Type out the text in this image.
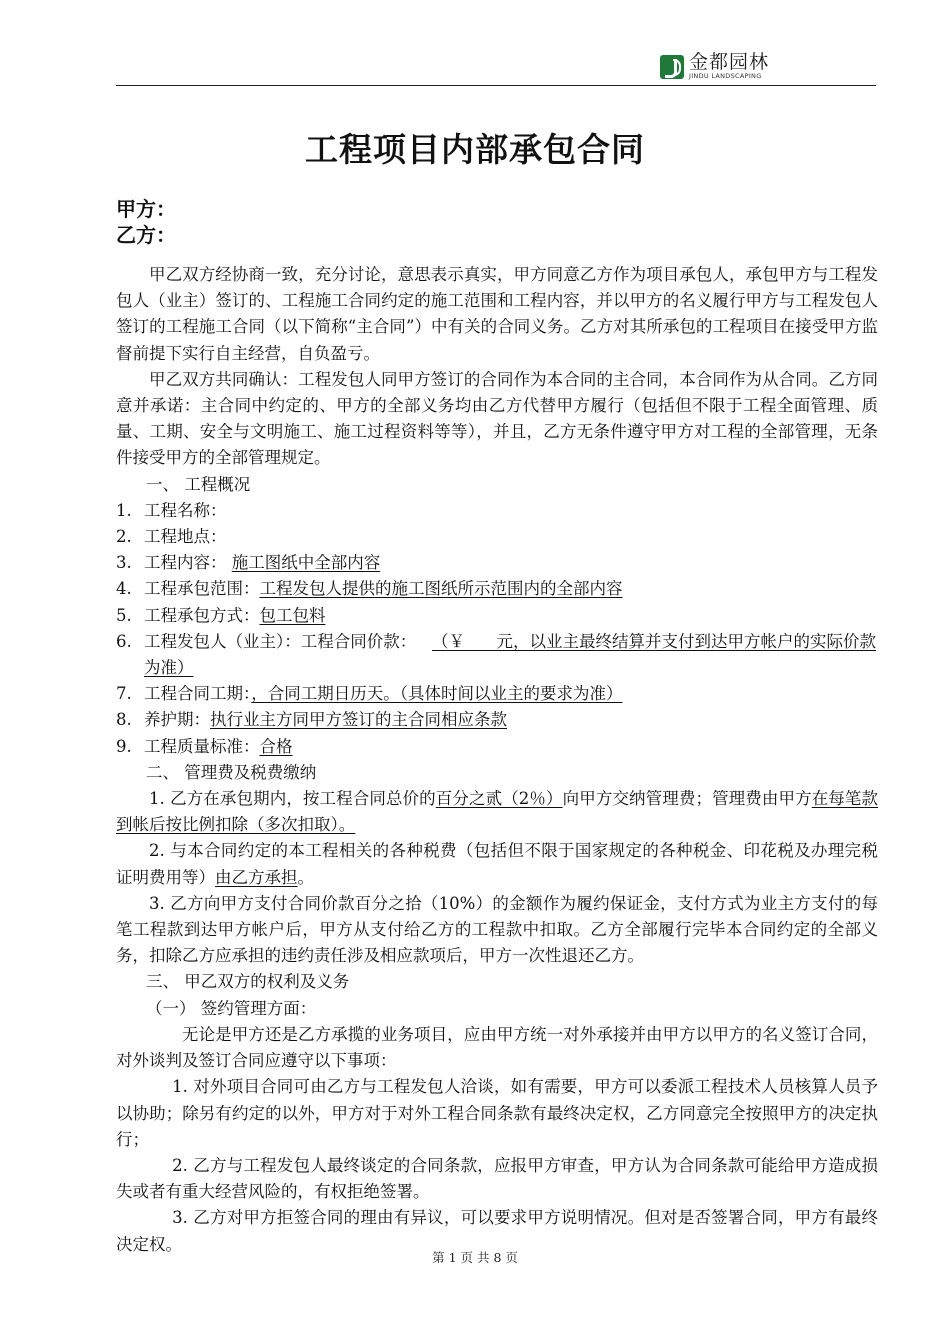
金都园林
JINDU LANDSCAPING
工程项目内部承包合同
甲方：
乙方：

甲乙双方经协商一致，充分讨论，意思表示真实，甲方同意乙方作为项目承包人，承包甲方与工程发包人（业主）签订的、工程施工合同约定的施工范围和工程内容，并以甲方的名义履行甲方与工程发包人签订的工程施工合同（以下简称“主合同”）中有关的合同义务。乙方对其所承包的工程项目在接受甲方监督前提下实行自主经营，自负盈亏。

甲乙双方共同确认：工程发包人同甲方签订的合同作为本合同的主合同，本合同作为从合同。乙方同意并承诺：主合同中约定的、甲方的全部义务均由乙方代替甲方履行（包括但不限于工程全面管理、质量、工期、安全与文明施工、施工过程资料等等），并且，乙方无条件遵守甲方对工程的全部管理，无条件接受甲方的全部管理规定。

一、 工程概况

1. 工程名称：
2. 工程地点：
3. 工程内容： 施工图纸中全部内容
4. 工程承包范围：工程发包人提供的施工图纸所示范围内的全部内容
5. 工程承包方式：包工包料
6. 工程发包人（业主）：工程合同价款： （￥      元，以业主最终结算并支付到达甲方帐户的实际价款为准）
7. 工程合同工期：，合同工期日历天。（具体时间以业主的要求为准）
8. 养护期：执行业主方同甲方签订的主合同相应条款
9. 工程质量标准：合格

二、 管理费及税费缴纳

1. 乙方在承包期内，按工程合同总价的百分之贰（2％）向甲方交纳管理费；管理费由甲方在每笔款到帐后按比例扣除（多次扣取）。

2. 与本合同约定的本工程相关的各种税费（包括但不限于国家规定的各种税金、印花税及办理完税证明费用等）由乙方承担。

3. 乙方向甲方支付合同价款百分之拾（10%）的金额作为履约保证金，支付方式为业主方支付的每笔工程款到达甲方帐户后，甲方从支付给乙方的工程款中扣取。乙方全部履行完毕本合同约定的全部义务，扣除乙方应承担的违约责任涉及相应款项后，甲方一次性退还乙方。

三、 甲乙双方的权利及义务

（一） 签约管理方面：

无论是甲方还是乙方承揽的业务项目，应由甲方统一对外承接并由甲方以甲方的名义签订合同，对外谈判及签订合同应遵守以下事项：

1. 对外项目合同可由乙方与工程发包人洽谈，如有需要，甲方可以委派工程技术人员核算人员予以协助；除另有约定的以外，甲方对于对外工程合同条款有最终决定权，乙方同意完全按照甲方的决定执行；

2. 乙方与工程发包人最终谈定的合同条款，应报甲方审查，甲方认为合同条款可能给甲方造成损失或者有重大经营风险的，有权拒绝签署。

3. 乙方对甲方拒签合同的理由有异议，可以要求甲方说明情况。但对是否签署合同，甲方有最终决定权。

第 1 页 共 8 页
